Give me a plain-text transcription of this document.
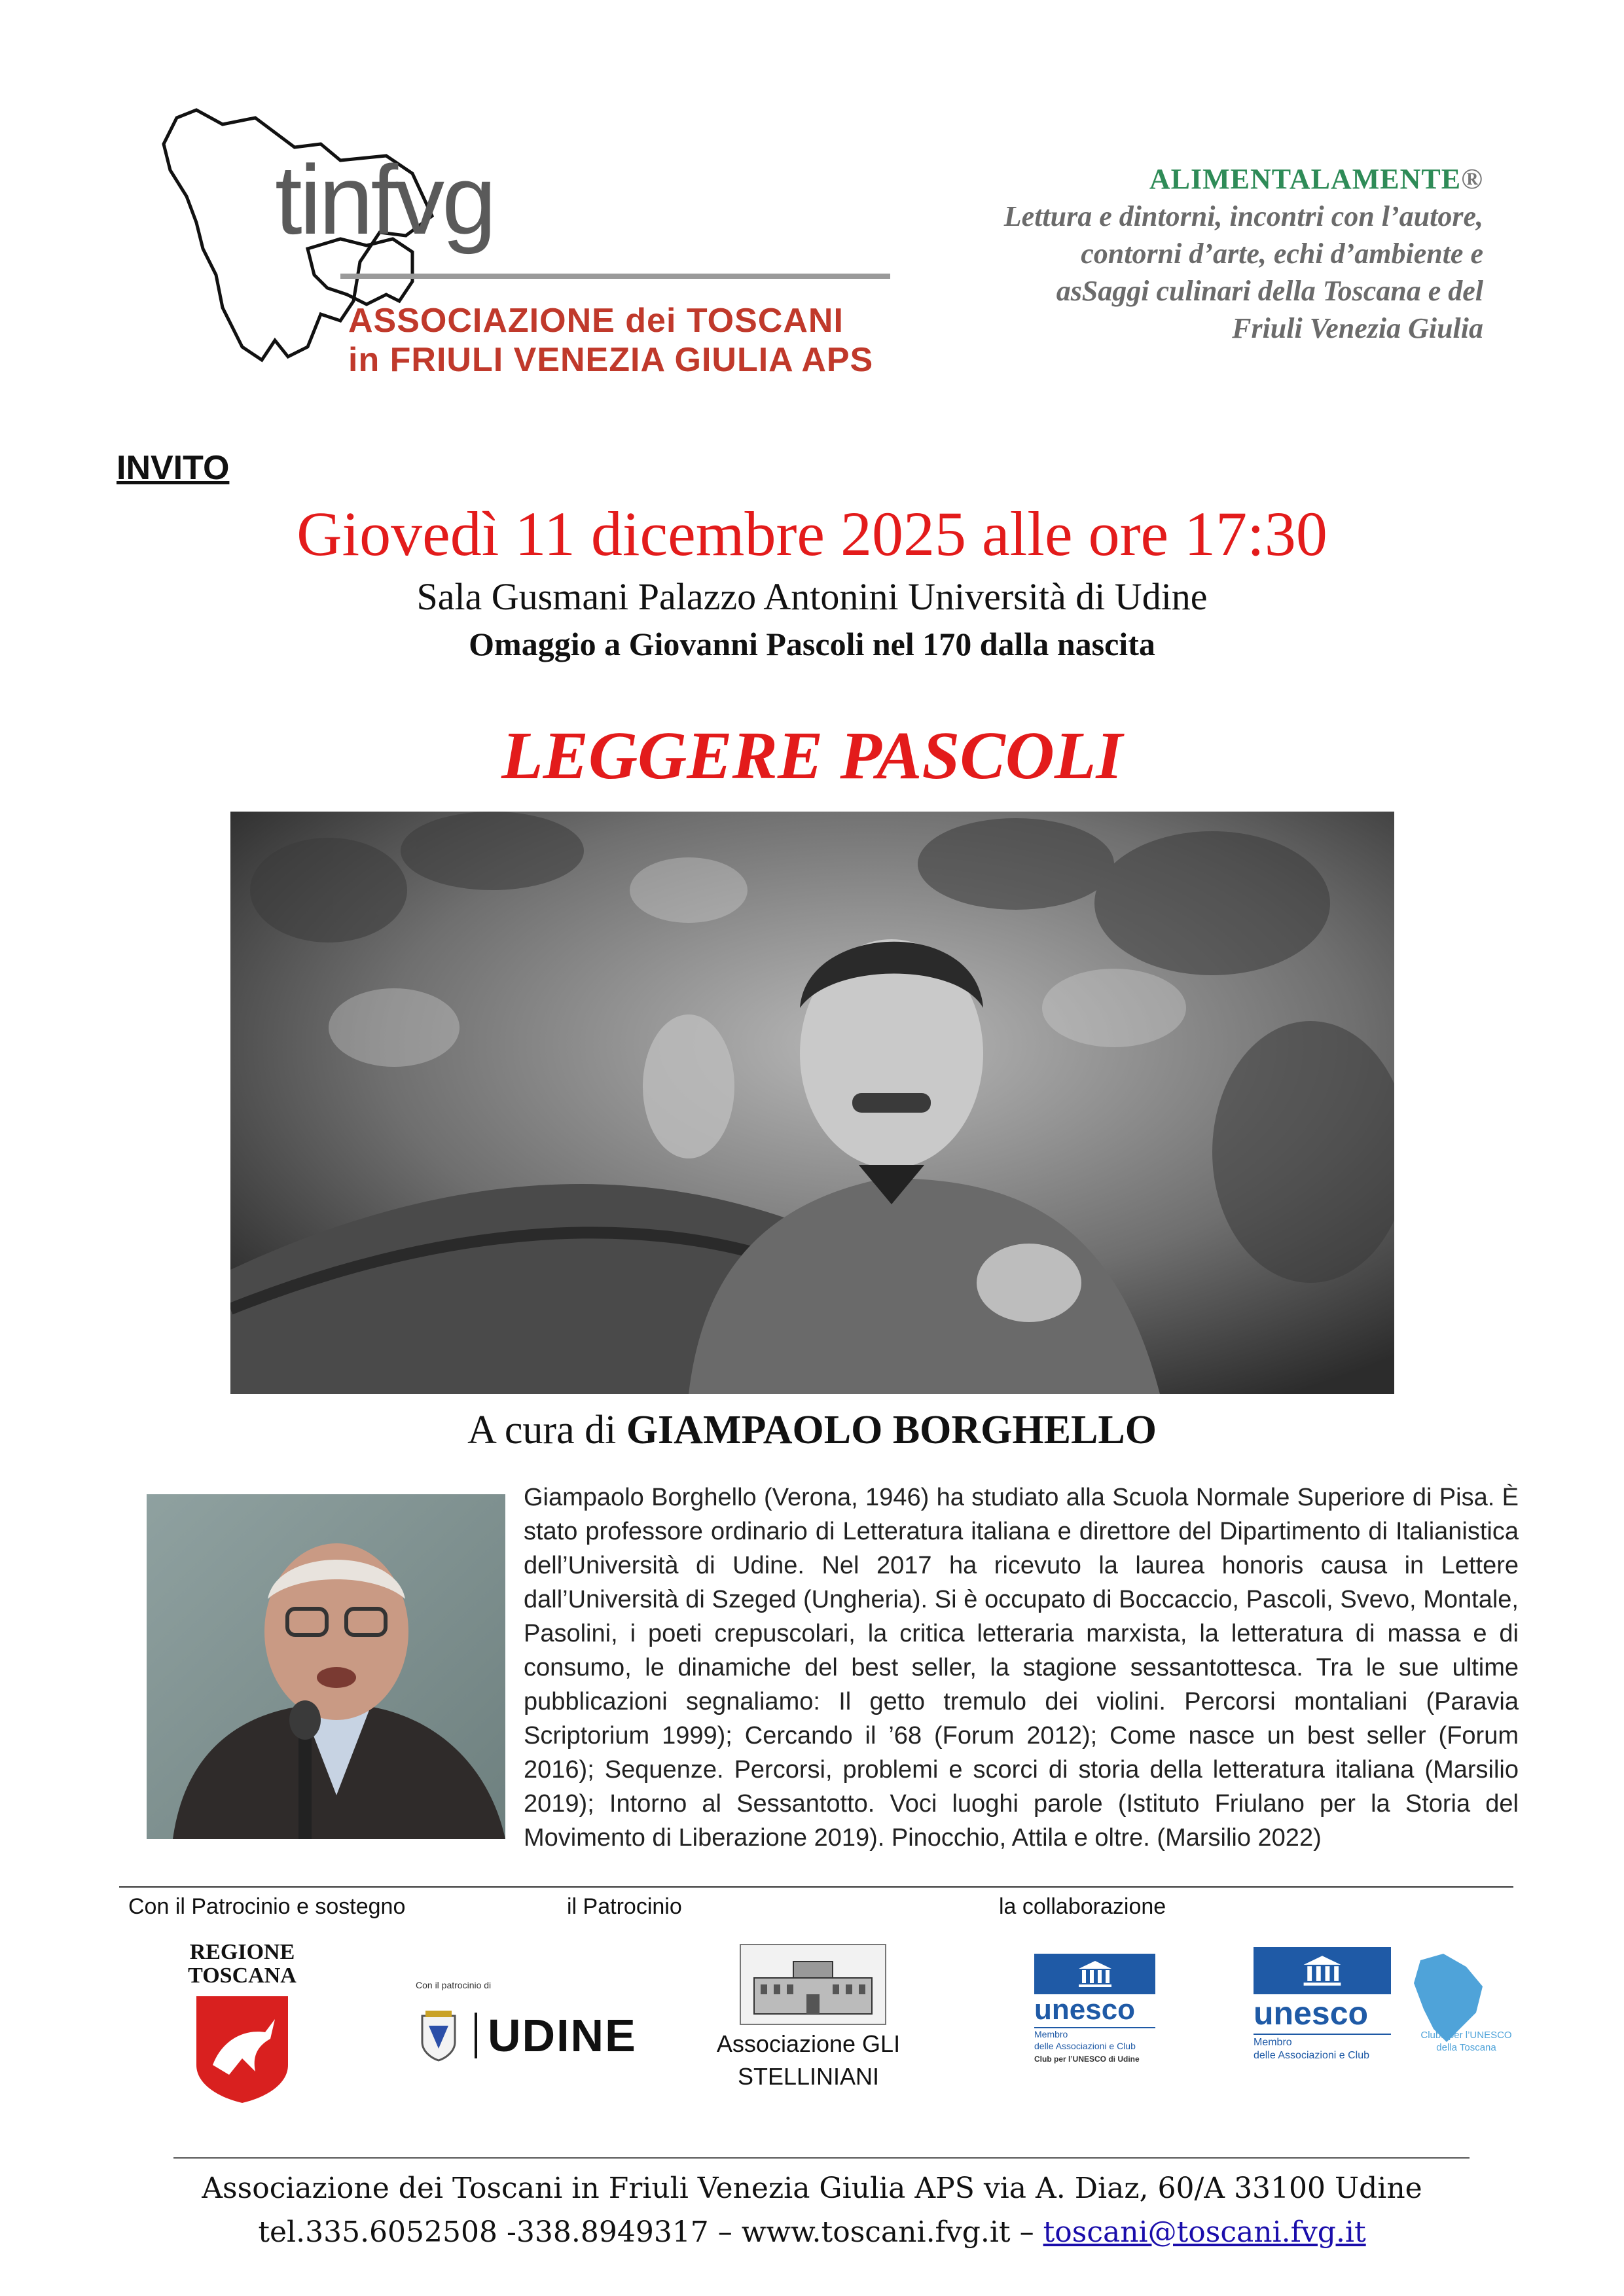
tinfvg
ASSOCIAZIONE dei TOSCANI
in FRIULI VENEZIA GIULIA APS
ALIMENTALAMENTE®
Lettura e dintorni, incontri con l’autore,
contorni d’arte, echi d’ambiente e
asSaggi culinari della Toscana e del
Friuli Venezia Giulia
INVITO
Giovedì 11 dicembre 2025 alle ore 17:30
Sala Gusmani Palazzo Antonini Università di Udine
Omaggio a Giovanni Pascoli nel 170 dalla nascita
LEGGERE PASCOLI
A cura di GIAMPAOLO BORGHELLO
Giampaolo Borghello (Verona, 1946) ha studiato alla Scuola Normale Superiore di Pisa. È stato professore ordinario di Letteratura italiana e direttore del Dipartimento di Italianistica dell’Università di Udine. Nel 2017 ha ricevuto la laurea honoris causa in Lettere dall’Università di Szeged (Ungheria). Si è occupato di Boccaccio, Pascoli, Svevo, Montale, Pasolini, i poeti crepuscolari, la critica letteraria marxista, la letteratura di massa e di consumo, le dinamiche del best seller, la stagione sessantottesca. Tra le sue ultime pubblicazioni segnaliamo: Il getto tremulo dei violini. Percorsi montaliani (Paravia Scriptorium 1999); Cercando il ’68 (Forum 2012); Come nasce un best seller (Forum 2016); Sequenze. Percorsi, problemi e scorci di storia della letteratura italiana (Marsilio 2019); Intorno al Sessantotto. Voci luoghi parole (Istituto Friulano per la Storia del Movimento di Liberazione 2019). Pinocchio, Attila e oltre. (Marsilio 2022)
Con il Patrocinio e sostegno	il Patrocinio	la collaborazione
REGIONE
TOSCANA	Con il patrocinio di
UDINE	Associazione GLI
STELLINIANI
unesco
Membro
delle Associazioni e Club
Club per l’UNESCO di Udine
unesco
Membro
delle Associazioni e Club
Clubs per l’UNESCO
della Toscana
Associazione dei Toscani in Friuli Venezia Giulia APS via A. Diaz, 60/A 33100 Udine
tel.335.6052508 -338.8949317 – www.toscani.fvg.it – toscani@toscani.fvg.it
